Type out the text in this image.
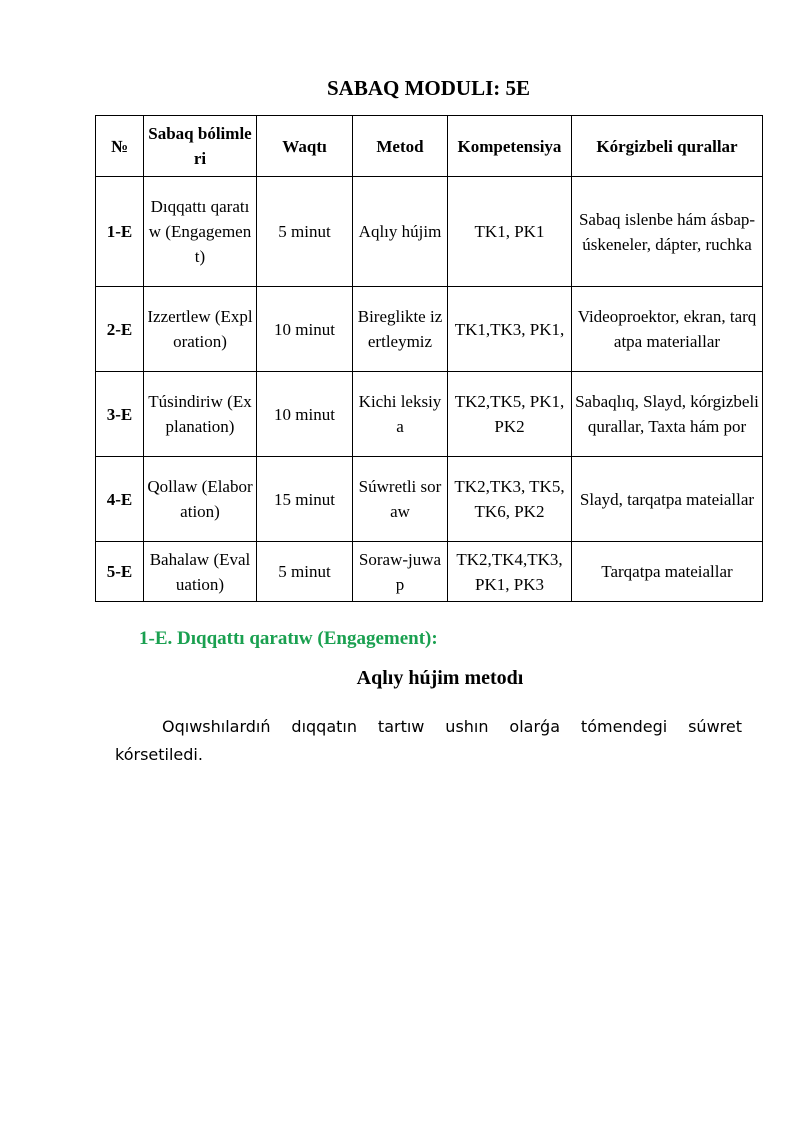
SABAQ MODULI: 5E
№	Sabaq bólimleri	Waqtı	Metod	Kompetensiya	Kórgizbeli qurallar
1-E	Dıqqattı qaratıw (Engagement)	5 minut	Aqlıy hújim	TK1, PK1	Sabaq islenbe hám ásbap-úskeneler, dápter, ruchka
2-E	Izzertlew (Exploration)	10 minut	Bireglikte izertleymiz	TK1,TK3, PK1,	Videoproektor, ekran, tarqatpa materiallar
3-E	Túsindiriw (Explanation)	10 minut	Kichi leksiya	TK2,TK5, PK1, PK2	Sabaqlıq, Slayd, kórgizbeli qurallar, Taxta hám por
4-E	Qollaw (Elaboration)	15 minut	Súwretli soraw	TK2,TK3, TK5,TK6, PK2	Slayd, tarqatpa mateiallar
5-E	Bahalaw (Evaluation)	5 minut	Soraw-juwap	TK2,TK4,TK3, PK1, PK3	Tarqatpa mateiallar
1-E. Dıqqattı qaratıw (Engagement):
Aqlıy hújim metodı

Oqıwshılardıń dıqqatın tartıw ushın olarǵa tómendegi súwret kórsetiledi.
